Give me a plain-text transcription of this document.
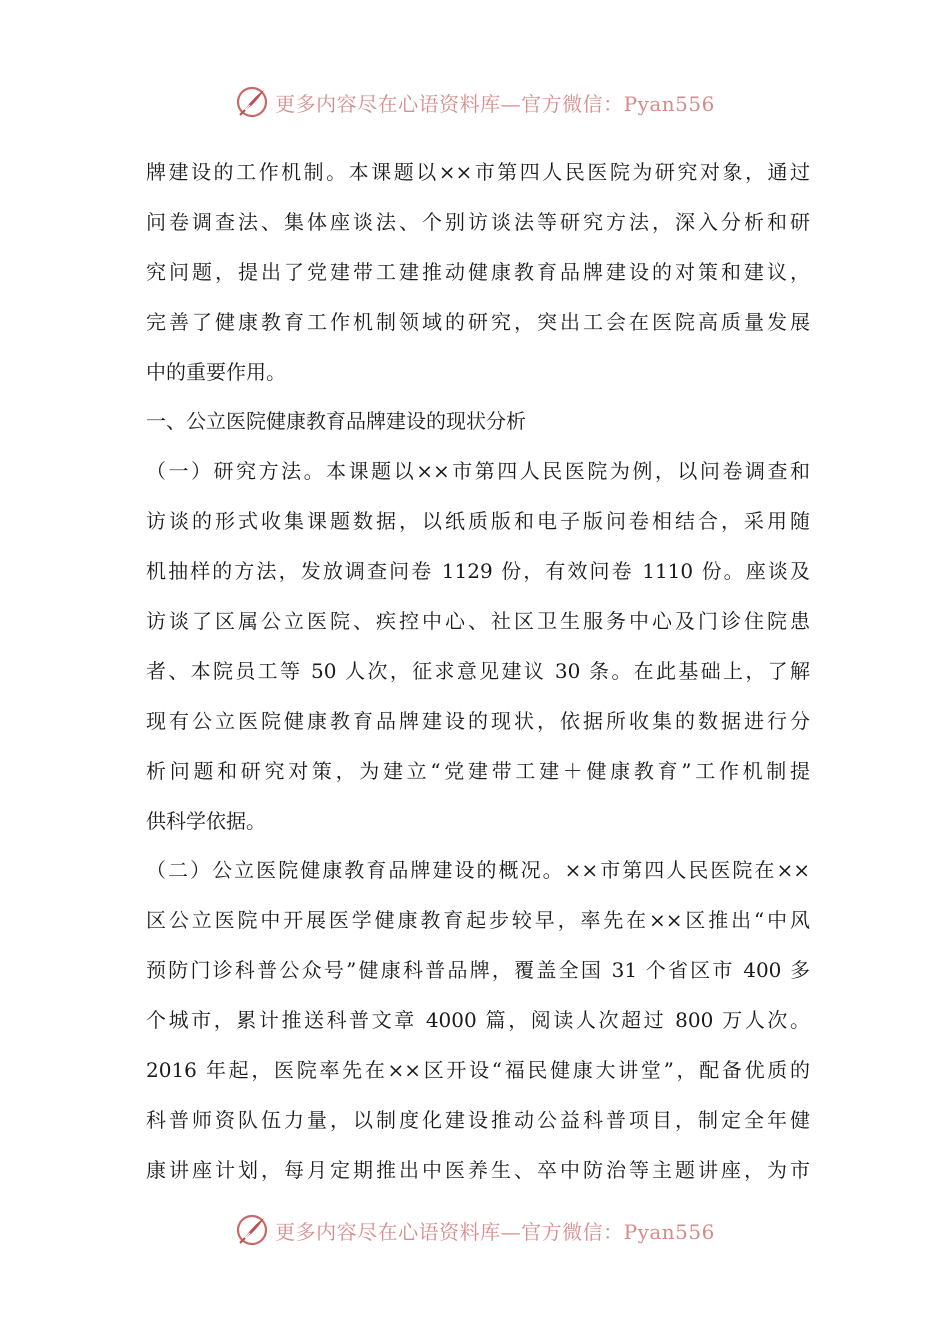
更多内容尽在心语资料库—官方微信：Pyan556
牌建设的工作机制。本课题以××市第四人民医院为研究对象，通过
问卷调查法、集体座谈法、个别访谈法等研究方法，深入分析和研
究问题，提出了党建带工建推动健康教育品牌建设的对策和建议，
完善了健康教育工作机制领域的研究，突出工会在医院高质量发展
中的重要作用。
一、公立医院健康教育品牌建设的现状分析
（一）研究方法。本课题以××市第四人民医院为例，以问卷调查和
访谈的形式收集课题数据，以纸质版和电子版问卷相结合，采用随
机抽样的方法，发放调查问卷 1129 份，有效问卷 1110 份。座谈及
访谈了区属公立医院、疾控中心、社区卫生服务中心及门诊住院患
者、本院员工等 50 人次，征求意见建议 30 条。在此基础上，了解
现有公立医院健康教育品牌建设的现状，依据所收集的数据进行分
析问题和研究对策，为建立“党建带工建＋健康教育”工作机制提
供科学依据。
（二）公立医院健康教育品牌建设的概况。××市第四人民医院在××
区公立医院中开展医学健康教育起步较早，率先在××区推出“中风
预防门诊科普公众号”健康科普品牌，覆盖全国 31 个省区市 400 多
个城市，累计推送科普文章 4000 篇，阅读人次超过 800 万人次。
2016 年起，医院率先在××区开设“福民健康大讲堂”，配备优质的
科普师资队伍力量，以制度化建设推动公益科普项目，制定全年健
康讲座计划，每月定期推出中医养生、卒中防治等主题讲座，为市
更多内容尽在心语资料库—官方微信：Pyan556
